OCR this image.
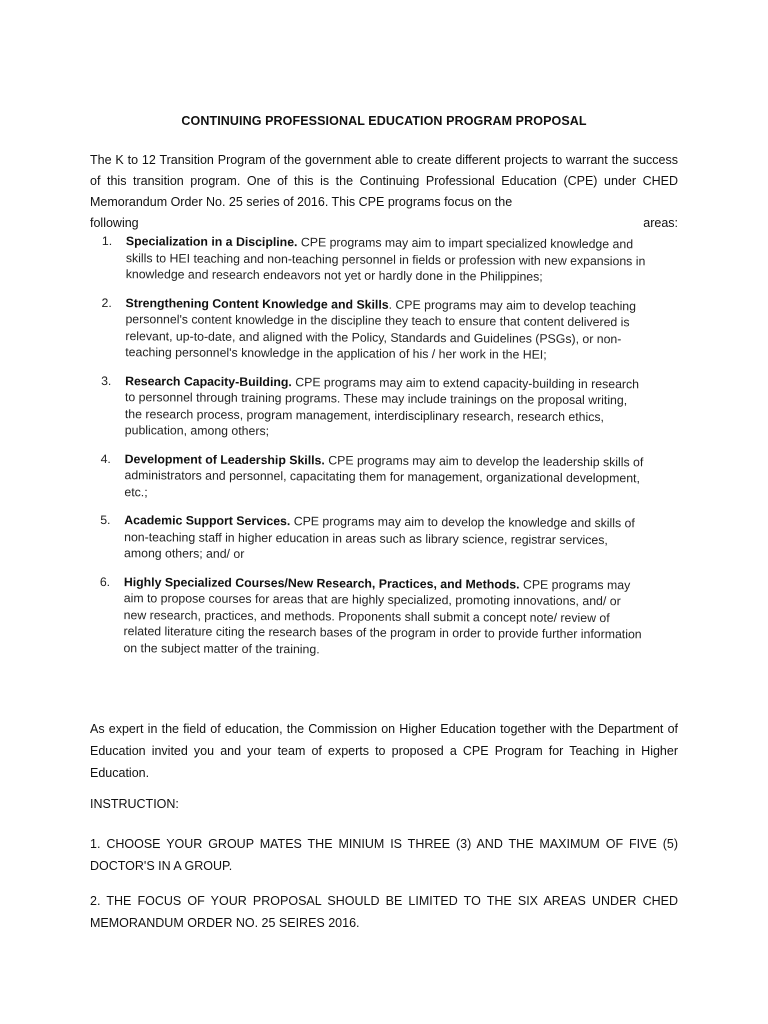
CONTINUING PROFESSIONAL EDUCATION PROGRAM PROPOSAL
The K to 12 Transition Program of the government able to create different projects to warrant the success of this transition program. One of this is the Continuing Professional Education (CPE) under CHED Memorandum Order No. 25 series of 2016. This CPE programs focus on the
following	areas:
1.	Specialization in a Discipline. CPE programs may aim to impart specialized knowledge and skills to HEI teaching and non-teaching personnel in fields or profession with new expansions in knowledge and research endeavors not yet or hardly done in the Philippines;
2.	Strengthening Content Knowledge and Skills. CPE programs may aim to develop teaching personnel's content knowledge in the discipline they teach to ensure that content delivered is relevant, up-to-date, and aligned with the Policy, Standards and Guidelines (PSGs), or non-teaching personnel's knowledge in the application of his / her work in the HEI;
3.	Research Capacity-Building. CPE programs may aim to extend capacity-building in research to personnel through training programs. These may include trainings on the proposal writing, the research process, program management, interdisciplinary research, research ethics, publication, among others;
4.	Development of Leadership Skills. CPE programs may aim to develop the leadership skills of administrators and personnel, capacitating them for management, organizational development, etc.;
5.	Academic Support Services. CPE programs may aim to develop the knowledge and skills of non-teaching staff in higher education in areas such as library science, registrar services, among others; and/ or
6.	Highly Specialized Courses/New Research, Practices, and Methods. CPE programs may aim to propose courses for areas that are highly specialized, promoting innovations, and/ or new research, practices, and methods. Proponents shall submit a concept note/ review of related literature citing the research bases of the program in order to provide further information on the subject matter of the training.
As expert in the field of education, the Commission on Higher Education together with the Department of Education invited you and your team of experts to proposed a CPE Program for Teaching in Higher Education.
INSTRUCTION:
1. CHOOSE YOUR GROUP MATES THE MINIUM IS THREE (3) AND THE MAXIMUM OF FIVE (5) DOCTOR'S IN A GROUP.
2. THE FOCUS OF YOUR PROPOSAL SHOULD BE LIMITED TO THE SIX AREAS UNDER CHED MEMORANDUM ORDER NO. 25 SEIRES 2016.
